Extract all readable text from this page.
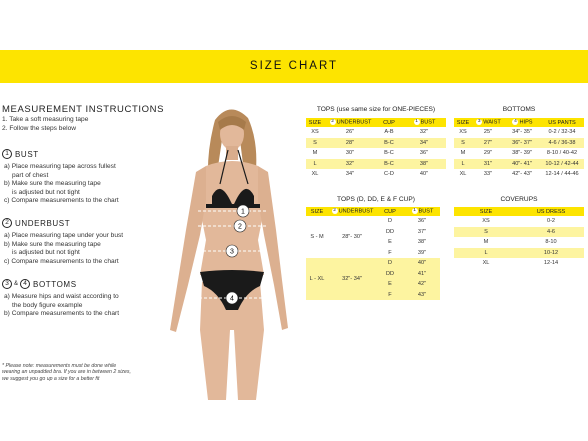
SIZE CHART
MEASUREMENT INSTRUCTIONS
1. Take a soft measuring tape
2. Follow the steps below
1 BUST
a) Place measuring tape across fullest
part of chest
b) Make sure the measuring tape
is adjusted but not tight
c) Compare measurements to the chart
2 UNDERBUST
a) Place measuring tape under your bust
b) Make sure the measuring tape
is adjusted but not tight
c) Compare measurements to the chart
3 & 4 BOTTOMS
a) Measure hips and waist according to
the body figure example
b) Compare measurements to the chart
* Please note: measurements must be done while wearing an unpadded bra. If you are in between 2 sizes, we suggest you go up a size for a better fit
1
2
3
4
TOPS (use same size for ONE-PIECES)
SIZE	2 UNDERBUST	CUP	1 BUST
XS	26"	A-B	32"
S	28"	B-C	34"
M	30"	B-C	36"
L	32"	B-C	38"
XL	34"	C-D	40"
TOPS (D, DD, E & F CUP)
SIZE	2 UNDERBUST	CUP	1 BUST
S - M	28"- 30"	D	36"
		DD	37"
		E	38"
		F	39"
L - XL	32"- 34"	D	40"
		DD	41"
		E	42"
		F	43"
BOTTOMS
SIZE	3 WAIST	4 HIPS	US PANTS
XS	25"	34"- 35"	0-2 / 32-34
S	27"	36"- 37"	4-6 / 36-38
M	29"	38"- 39"	8-10 / 40-42
L	31"	40"- 41"	10-12 / 42-44
XL	33"	42"- 43"	12-14 / 44-46
COVERUPS
SIZE	US DRESS
XS	0-2
S	4-6
M	8-10
L	10-12
XL	12-14
